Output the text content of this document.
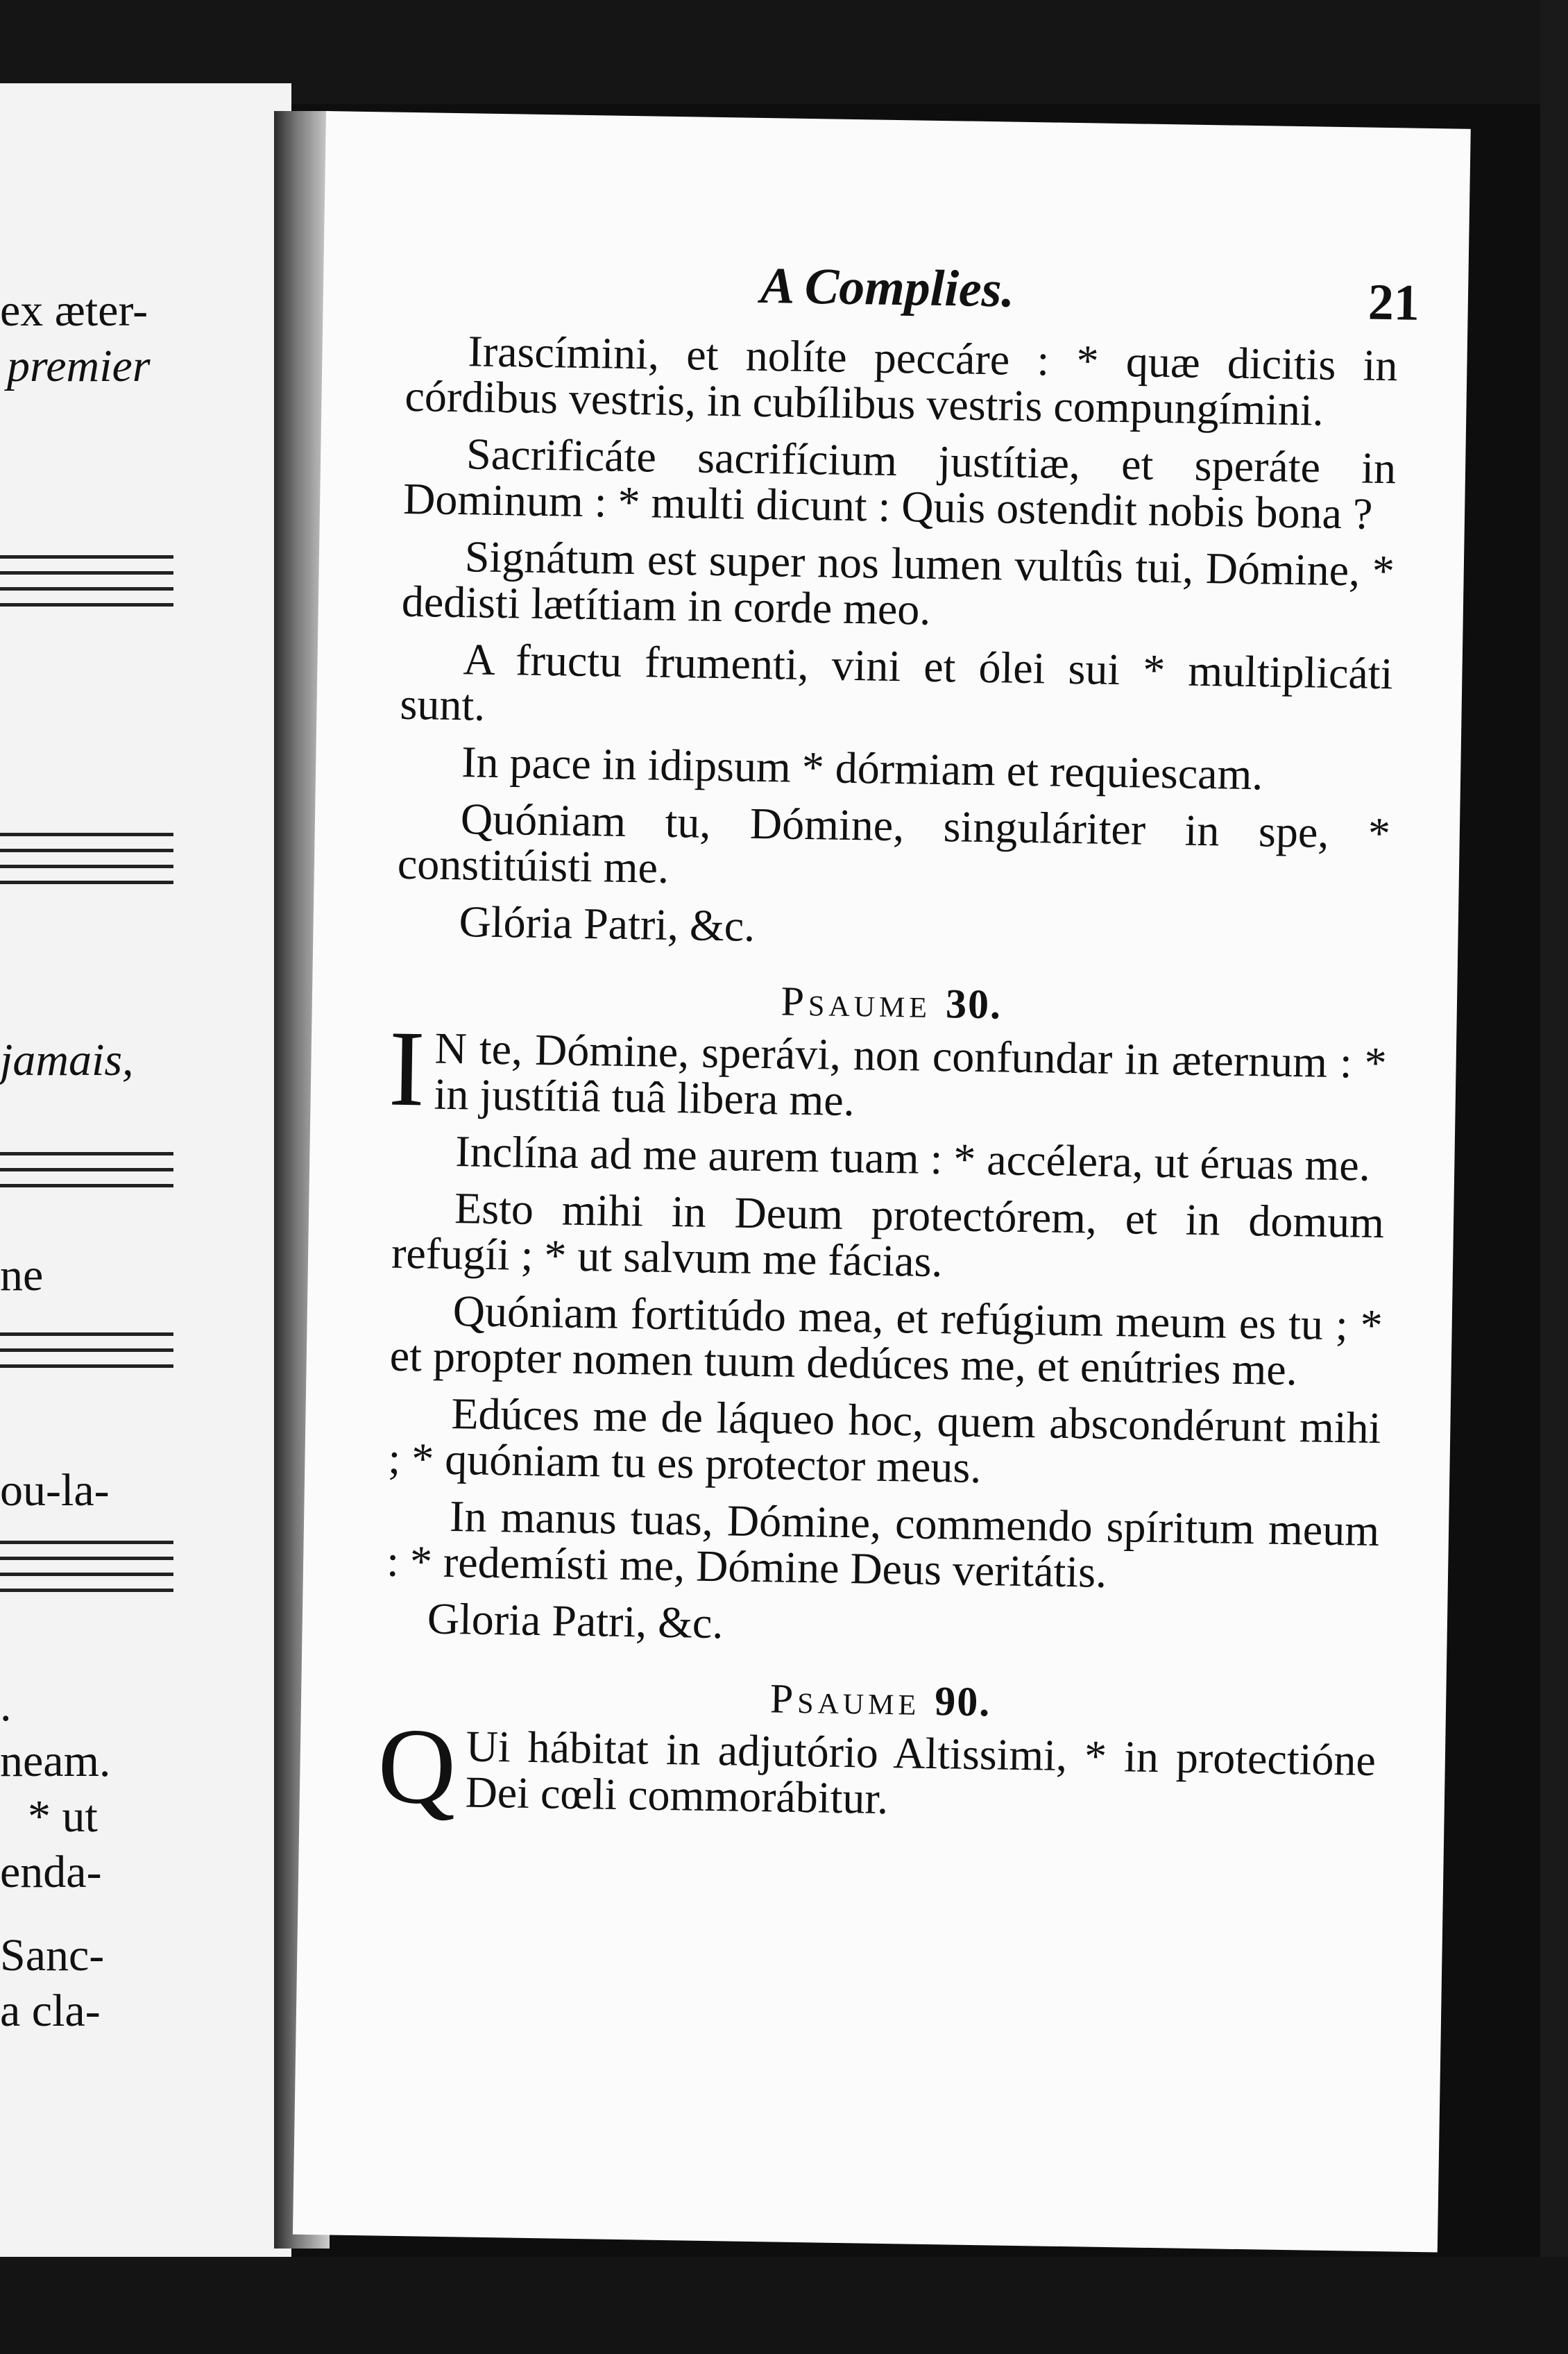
ex æter-
premier
jamais,
ne
ou-la-
.
neam.
* ut
enda-
Sanc-
a cla-
A Complies.	21

Irascímini, et nolíte peccáre : * quæ dicitis in córdibus vestris, in cubílibus vestris compungímini.

Sacrificáte sacrifícium justítiæ, et speráte in Dominum : * multi dicunt : Quis ostendit nobis bona ?

Signátum est super nos lumen vultûs tui, Dómine, * dedisti lætítiam in corde meo.

A fructu frumenti, vini et ólei sui * multiplicáti sunt.

In pace in idipsum * dórmiam et requiescam.

Quóniam tu, Dómine, singuláriter in spe, * constitúisti me.

Glória Patri, &c.

Psaume 30.

I N te, Dómine, sperávi, non confundar in æternum : * in justítiâ tuâ libera me.

Inclína ad me aurem tuam : * accélera, ut éruas me.

Esto mihi in Deum protectórem, et in domum refugíi ; * ut salvum me fácias.

Quóniam fortitúdo mea, et refúgium meum es tu ; * et propter nomen tuum dedúces me, et enútries me.

Edúces me de láqueo hoc, quem abscondérunt mihi ; * quóniam tu es protector meus.

In manus tuas, Dómine, commendo spíritum meum : * redemísti me, Dómine Deus veritátis.

Gloria Patri, &c.

Psaume 90.

Q Ui hábitat in adjutório Altissimi, * in protectióne Dei cœli commorábitur.
